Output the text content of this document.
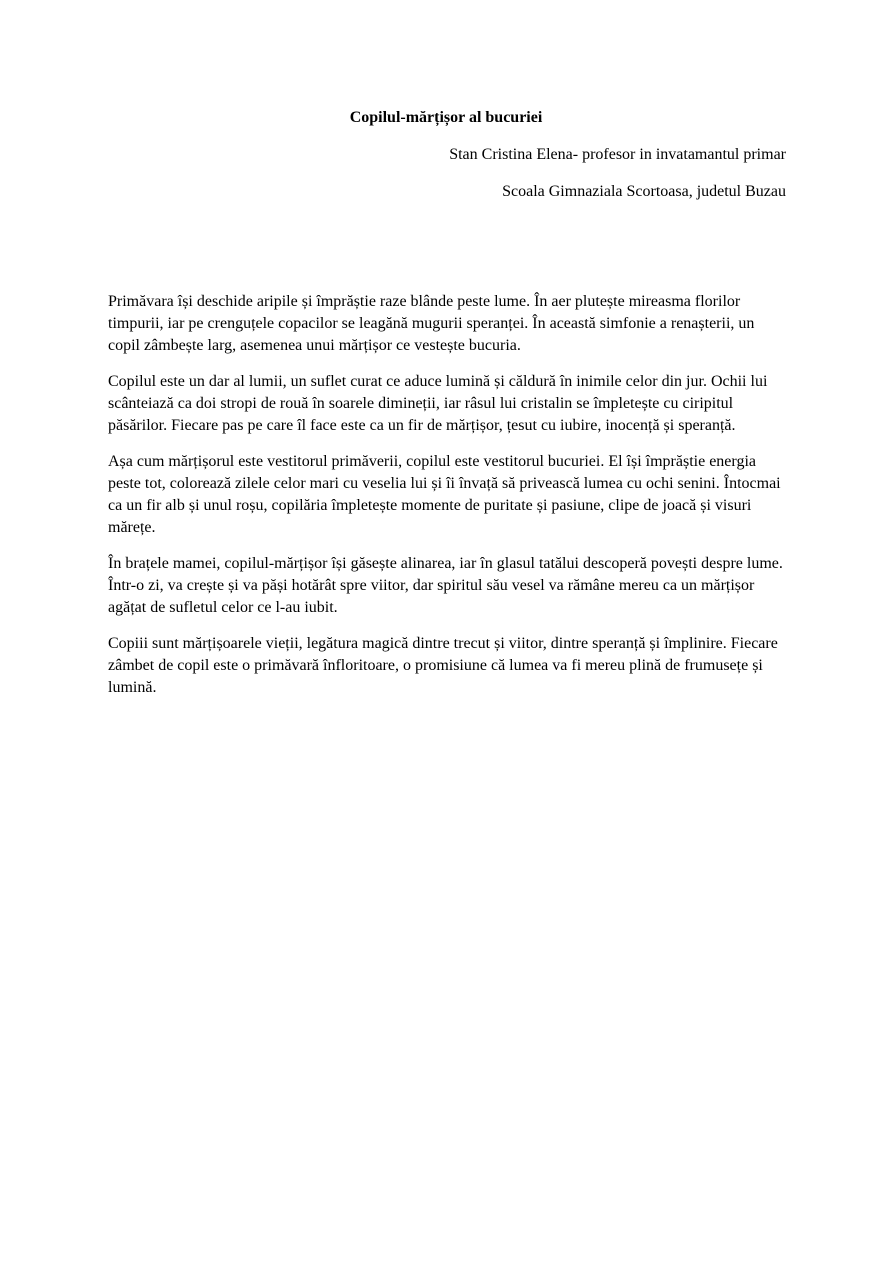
Copilul-mărțișor al bucuriei
Stan Cristina Elena- profesor in invatamantul primar
Scoala Gimnaziala Scortoasa, judetul Buzau

Primăvara își deschide aripile și împrăștie raze blânde peste lume. În aer plutește mireasma florilor timpurii, iar pe crenguțele copacilor se leagănă mugurii speranței. În această simfonie a renașterii, un copil zâmbește larg, asemenea unui mărțișor ce vestește bucuria.

Copilul este un dar al lumii, un suflet curat ce aduce lumină și căldură în inimile celor din jur. Ochii lui scânteiază ca doi stropi de rouă în soarele dimineții, iar râsul lui cristalin se împletește cu ciripitul păsărilor. Fiecare pas pe care îl face este ca un fir de mărțișor, țesut cu iubire, inocență și speranță.

Așa cum mărțișorul este vestitorul primăverii, copilul este vestitorul bucuriei. El își împrăștie energia peste tot, colorează zilele celor mari cu veselia lui și îi învață să privească lumea cu ochi senini. Întocmai ca un fir alb și unul roșu, copilăria împletește momente de puritate și pasiune, clipe de joacă și visuri mărețe.

În brațele mamei, copilul-mărțișor își găsește alinarea, iar în glasul tatălui descoperă povești despre lume. Într-o zi, va crește și va păși hotărât spre viitor, dar spiritul său vesel va rămâne mereu ca un mărțișor agățat de sufletul celor ce l-au iubit.

Copiii sunt mărțișoarele vieții, legătura magică dintre trecut și viitor, dintre speranță și împlinire. Fiecare zâmbet de copil este o primăvară înfloritoare, o promisiune că lumea va fi mereu plină de frumusețe și lumină.
